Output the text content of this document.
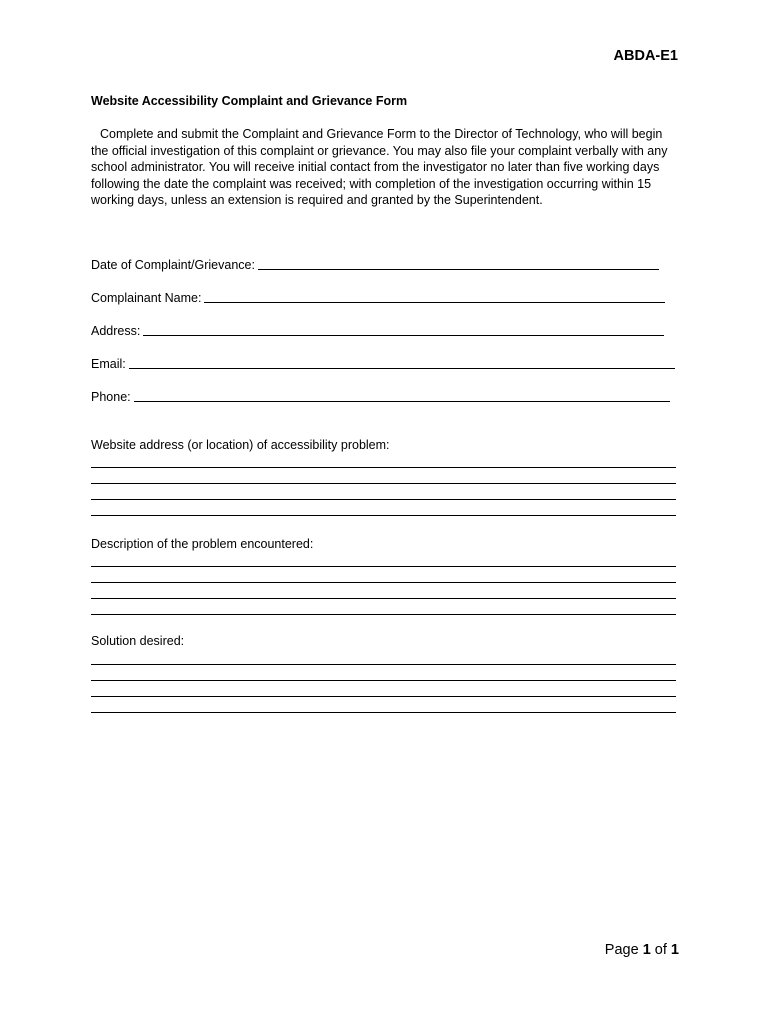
ABDA-E1
Website Accessibility Complaint and Grievance Form
Complete and submit the Complaint and Grievance Form to the Director of Technology, who will begin the official investigation of this complaint or grievance. You may also file your complaint verbally with any school administrator. You will receive initial contact from the investigator no later than five working days following the date the complaint was received; with completion of the investigation occurring within 15 working days, unless an extension is required and granted by the Superintendent.
Date of Complaint/Grievance:
Complainant Name:
Address:
Email:
Phone:
Website address (or location) of accessibility problem:
Description of the problem encountered:
Solution desired:
Page 1 of 1
